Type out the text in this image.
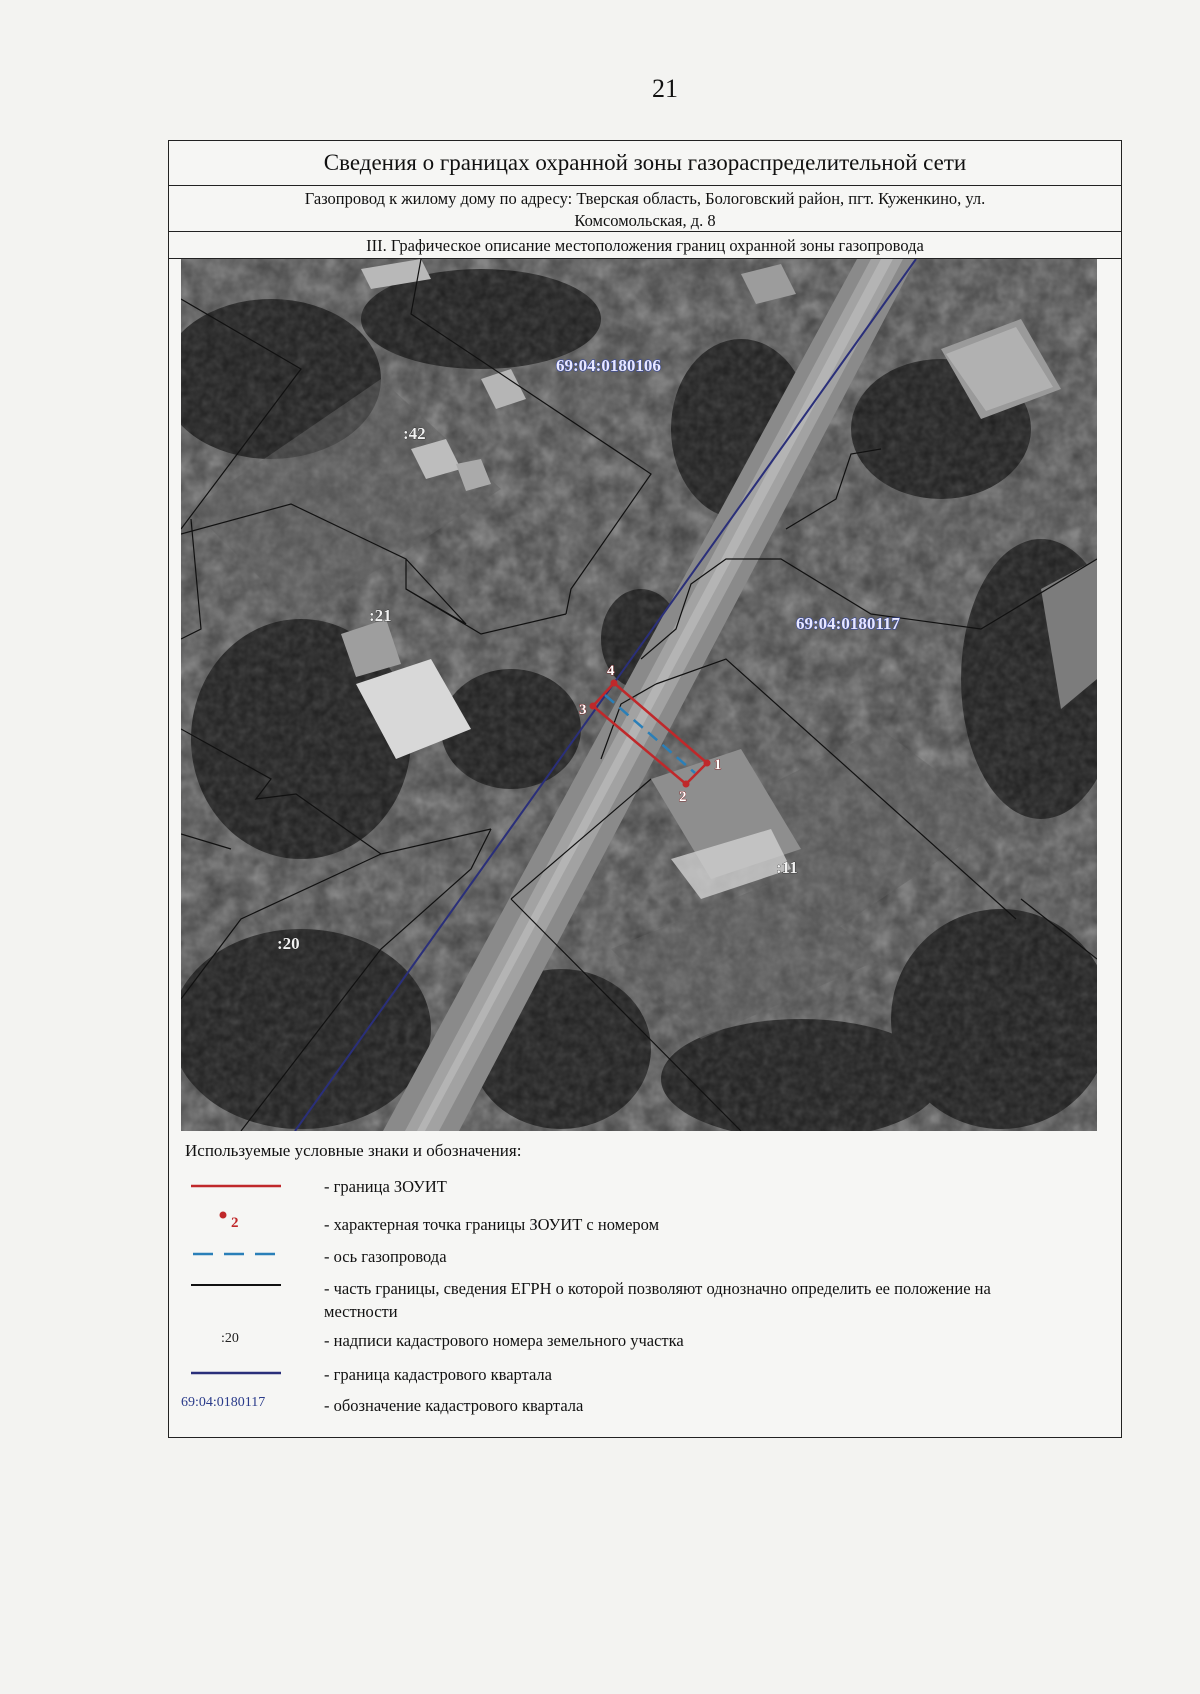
21
Сведения о границах охранной зоны газораспределительной сети
Газопровод к жилому дому по адресу: Тверская область, Бологовский район, пгт. Куженкино, ул.
Комсомольская, д. 8
III. Графическое описание местоположения границ охранной зоны газопровода
1
2
3
4
:42
:21
:11
:20
69:04:0180106
69:04:0180117
Используемые условные знаки и обозначения:
- граница ЗОУИТ
2	- характерная точка границы ЗОУИТ с номером
- ось газопровода
- часть границы, сведения ЕГРН о которой позволяют однозначно определить ее положение на местности
:20	- надписи кадастрового номера земельного участка
- граница кадастрового квартала
69:04:0180117	- обозначение кадастрового квартала
